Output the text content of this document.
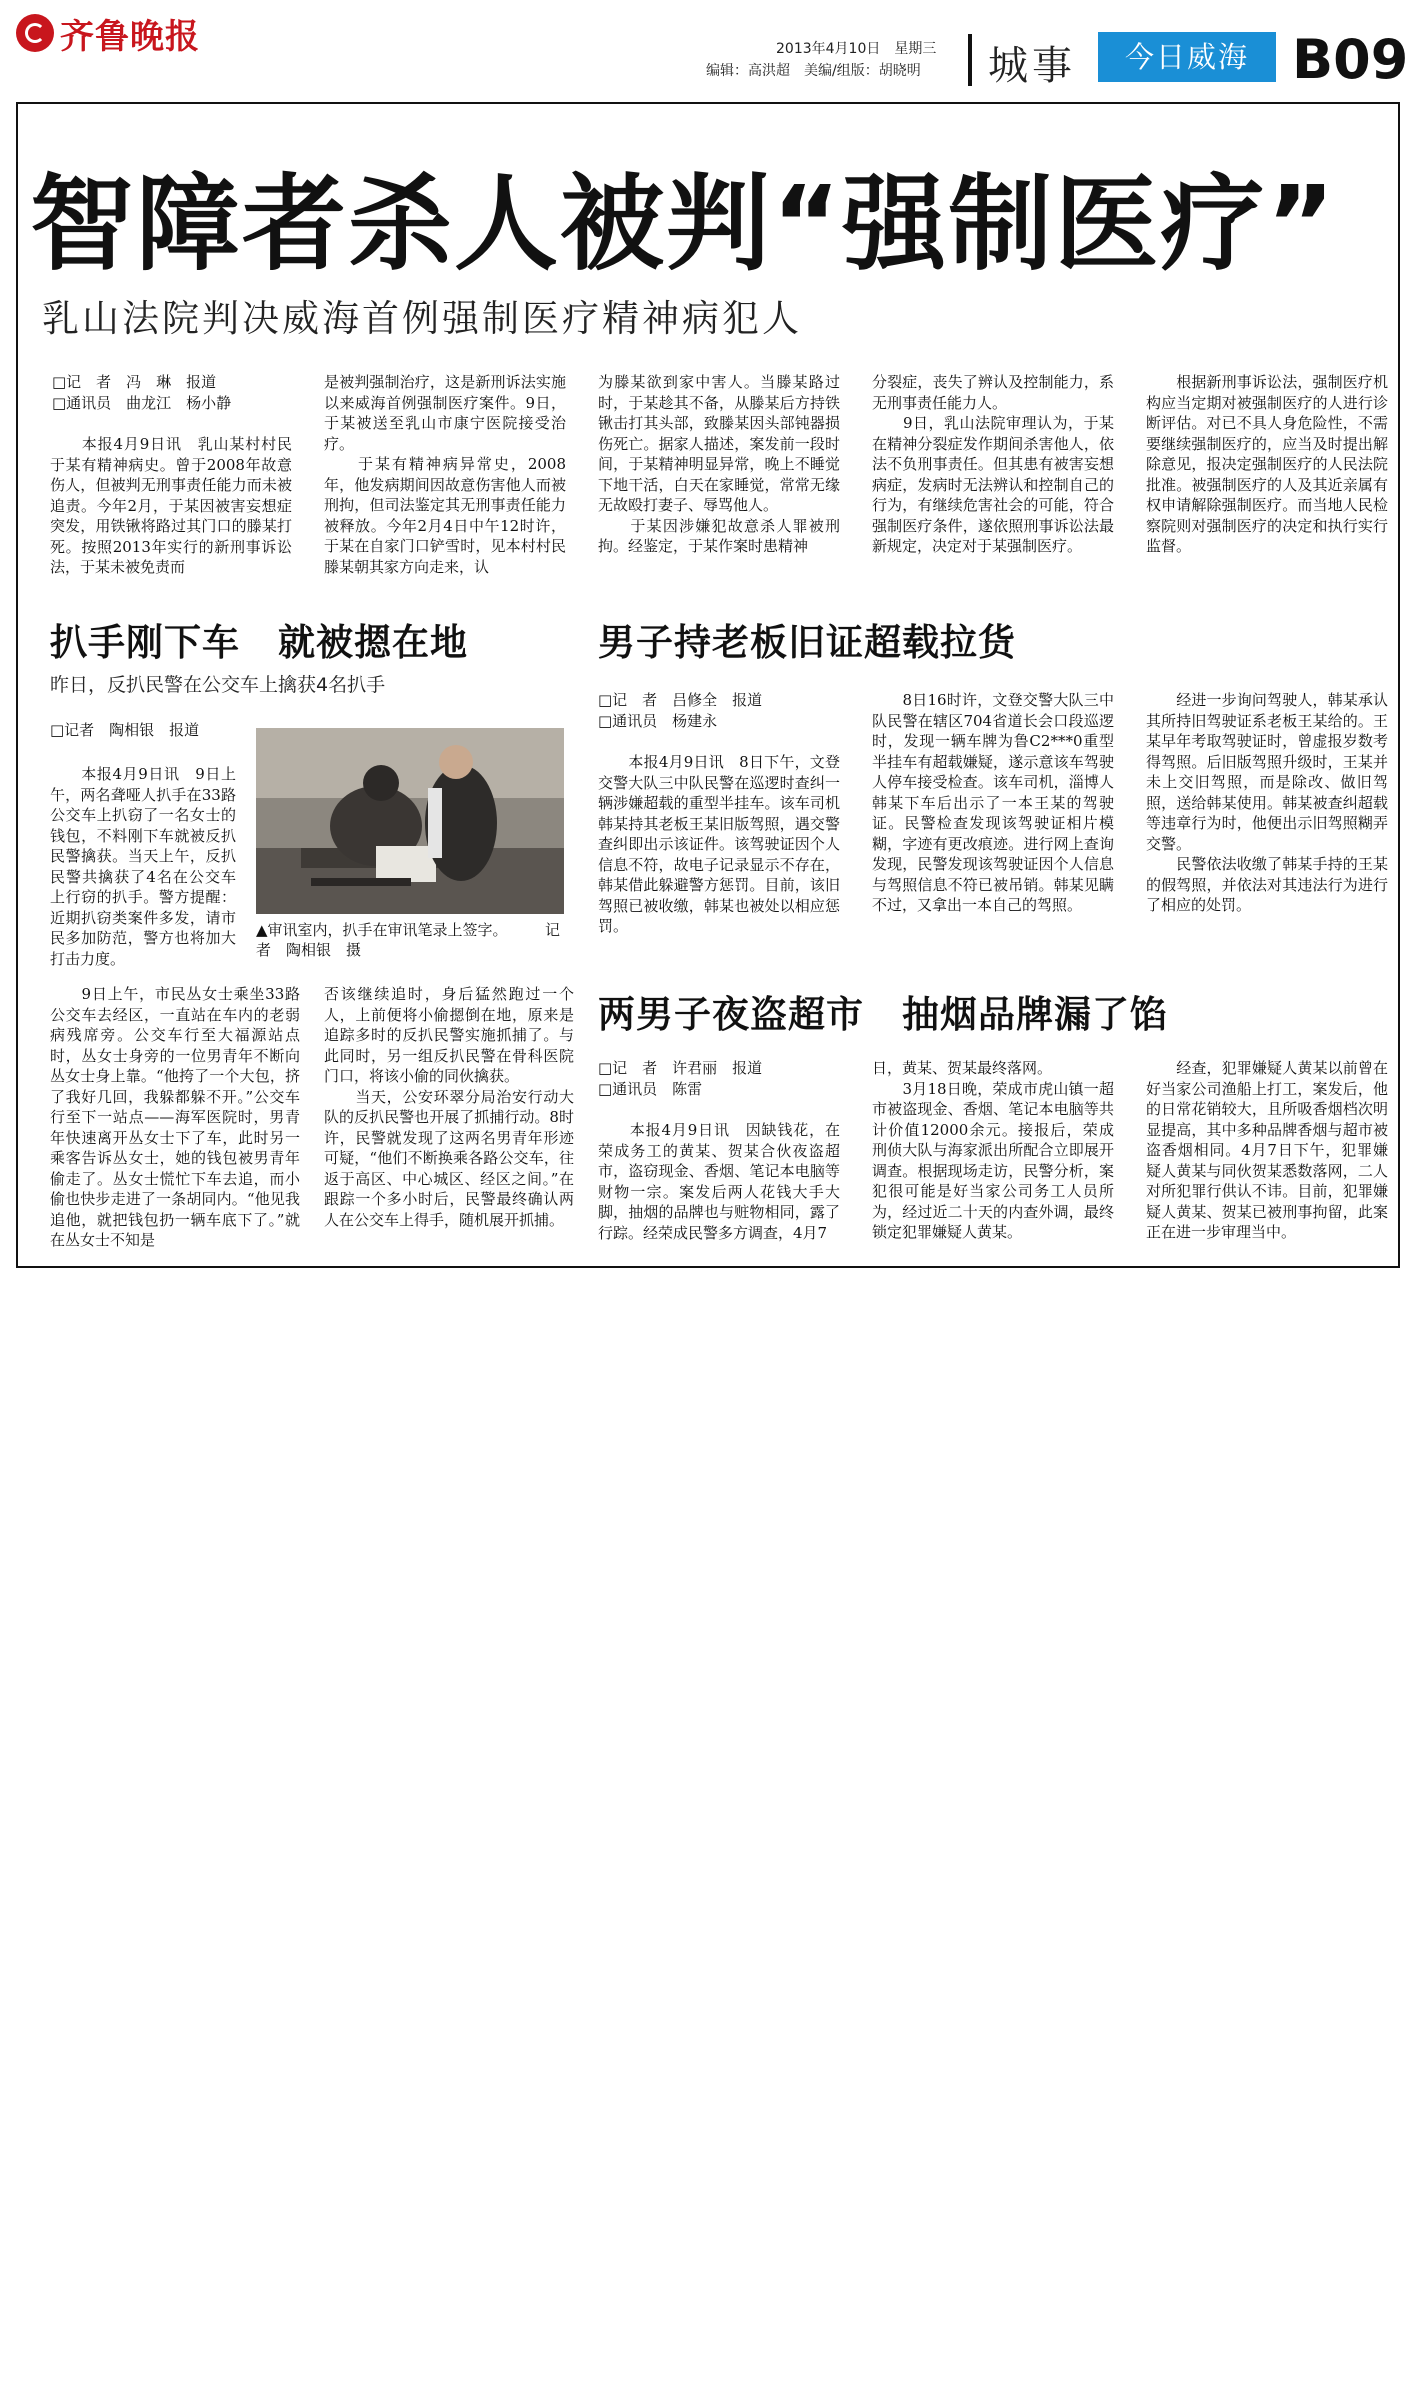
齐鲁晚报	2013年4月10日　星期三
编辑：高洪超　美编/组版：胡晓明 城事	今日威海 B09
智障者杀人被判“强制医疗”
乳山法院判决威海首例强制医疗精神病犯人
□记　者　冯　琳　报道
□通讯员　曲龙江　杨小静
　　本报4月9日讯　乳山某村村民于某有精神病史。曾于2008年故意伤人，但被判无刑事责任能力而未被追责。今年2月，于某因被害妄想症突发，用铁锹将路过其门口的滕某打死。按照2013年实行的新刑事诉讼法，于某未被免责而
是被判强制治疗，这是新刑诉法实施以来威海首例强制医疗案件。9日，于某被送至乳山市康宁医院接受治疗。
　　于某有精神病异常史，2008年，他发病期间因故意伤害他人而被刑拘，但司法鉴定其无刑事责任能力被释放。今年2月4日中午12时许，于某在自家门口铲雪时，见本村村民滕某朝其家方向走来，认
为滕某欲到家中害人。当滕某路过时，于某趁其不备，从滕某后方持铁锹击打其头部，致滕某因头部钝器损伤死亡。据家人描述，案发前一段时间，于某精神明显异常，晚上不睡觉下地干活，白天在家睡觉，常常无缘无故殴打妻子、辱骂他人。
　　于某因涉嫌犯故意杀人罪被刑拘。经鉴定，于某作案时患精神
分裂症，丧失了辨认及控制能力，系无刑事责任能力人。
　　9日，乳山法院审理认为，于某在精神分裂症发作期间杀害他人，依法不负刑事责任。但其患有被害妄想病症，发病时无法辨认和控制自己的行为，有继续危害社会的可能，符合强制医疗条件，遂依照刑事诉讼法最新规定，决定对于某强制医疗。
　　根据新刑事诉讼法，强制医疗机构应当定期对被强制医疗的人进行诊断评估。对已不具人身危险性，不需要继续强制医疗的，应当及时提出解除意见，报决定强制医疗的人民法院批准。被强制医疗的人及其近亲属有权申请解除强制医疗。而当地人民检察院则对强制医疗的决定和执行实行监督。
扒手刚下车　就被摁在地
昨日，反扒民警在公交车上擒获4名扒手
□记者　陶相银　报道
　　本报4月9日讯　9日上午，两名聋哑人扒手在33路公交车上扒窃了一名女士的钱包，不料刚下车就被反扒民警擒获。当天上午，反扒民警共擒获了4名在公交车上行窃的扒手。警方提醒：近期扒窃类案件多发，请市民多加防范，警方也将加大打击力度。
▲审讯室内，扒手在审讯笔录上签字。　　　记者　陶相银　摄
　　9日上午，市民丛女士乘坐33路公交车去经区，一直站在车内的老弱病残席旁。公交车行至大福源站点时，丛女士身旁的一位男青年不断向丛女士身上靠。“他挎了一个大包，挤了我好几回，我躲都躲不开。”公交车行至下一站点——海军医院时，男青年快速离开丛女士下了车，此时另一乘客告诉丛女士，她的钱包被男青年偷走了。丛女士慌忙下车去追，而小偷也快步走进了一条胡同内。“他见我追他，就把钱包扔一辆车底下了。”就在丛女士不知是
否该继续追时，身后猛然跑过一个人，上前便将小偷摁倒在地，原来是追踪多时的反扒民警实施抓捕了。与此同时，另一组反扒民警在骨科医院门口，将该小偷的同伙擒获。
　　当天，公安环翠分局治安行动大队的反扒民警也开展了抓捕行动。8时许，民警就发现了这两名男青年形迹可疑，“他们不断换乘各路公交车，往返于高区、中心城区、经区之间。”在跟踪一个多小时后，民警最终确认两人在公交车上得手，随机展开抓捕。
男子持老板旧证超载拉货
□记　者　吕修全　报道
□通讯员　杨建永
　　本报4月9日讯　8日下午，文登交警大队三中队民警在巡逻时查纠一辆涉嫌超载的重型半挂车。该车司机韩某持其老板王某旧版驾照，遇交警查纠即出示该证件。该驾驶证因个人信息不符，故电子记录显示不存在，韩某借此躲避警方惩罚。目前，该旧驾照已被收缴，韩某也被处以相应惩罚。
　　8日16时许，文登交警大队三中队民警在辖区704省道长会口段巡逻时，发现一辆车牌为鲁C2***0重型半挂车有超载嫌疑，遂示意该车驾驶人停车接受检查。该车司机，淄博人韩某下车后出示了一本王某的驾驶证。民警检查发现该驾驶证相片模糊，字迹有更改痕迹。进行网上查询发现，民警发现该驾驶证因个人信息与驾照信息不符已被吊销。韩某见瞒不过，又拿出一本自己的驾照。
　　经进一步询问驾驶人，韩某承认其所持旧驾驶证系老板王某给的。王某早年考取驾驶证时，曾虚报岁数考得驾照。后旧版驾照升级时，王某并未上交旧驾照，而是除改、做旧驾照，送给韩某使用。韩某被查纠超载等违章行为时，他便出示旧驾照糊弄交警。
　　民警依法收缴了韩某手持的王某的假驾照，并依法对其违法行为进行了相应的处罚。
两男子夜盗超市　抽烟品牌漏了馅
□记　者　许君丽　报道
□通讯员　陈雷
　　本报4月9日讯　因缺钱花，在荣成务工的黄某、贺某合伙夜盗超市，盗窃现金、香烟、笔记本电脑等财物一宗。案发后两人花钱大手大脚，抽烟的品牌也与赃物相同，露了行踪。经荣成民警多方调查，4月7
日，黄某、贺某最终落网。
　　3月18日晚，荣成市虎山镇一超市被盗现金、香烟、笔记本电脑等共计价值12000余元。接报后，荣成刑侦大队与海家派出所配合立即展开调查。根据现场走访，民警分析，案犯很可能是好当家公司务工人员所为，经过近二十天的内查外调，最终锁定犯罪嫌疑人黄某。
　　经查，犯罪嫌疑人黄某以前曾在好当家公司渔船上打工，案发后，他的日常花销较大，且所吸香烟档次明显提高，其中多种品牌香烟与超市被盗香烟相同。4月7日下午，犯罪嫌疑人黄某与同伙贺某悉数落网，二人对所犯罪行供认不讳。目前，犯罪嫌疑人黄某、贺某已被刑事拘留，此案正在进一步审理当中。
